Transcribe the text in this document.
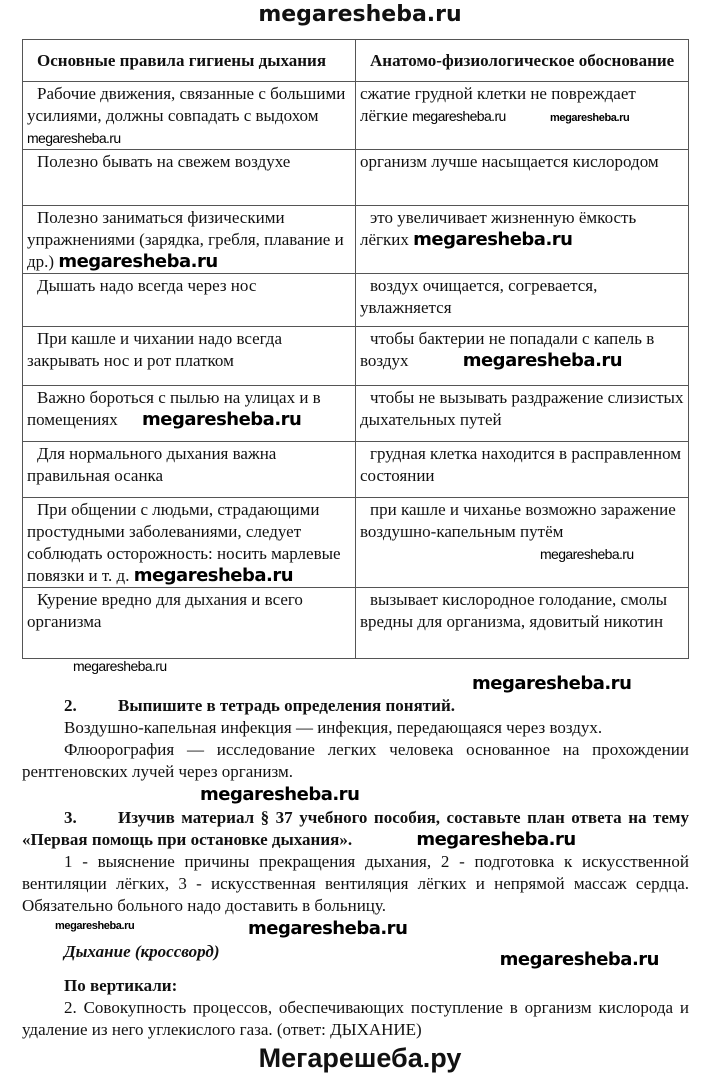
megaresheba.ru
Основные правила гигиены дыхания	Анатомо-физиологическое обоснование
Рабочие движения, связанные с большими усилиями, должны совпадать с выдохом megaresheba.ru	сжатие грудной клетки не повреждает лёгкие megaresheba.ru megaresheba.ru
Полезно бывать на свежем воздухе	организм лучше насыщается кислородом
Полезно заниматься физическими упражнениями (зарядка, гребля, плавание и др.) megaresheba.ru	это увеличивает жизненную ёмкость лёгких megaresheba.ru
Дышать надо всегда через нос	воздух очищается, согревается, увлажняется
При кашле и чихании надо всегда закрывать нос и рот платком	чтобы бактерии не попадали с капель в воздух megaresheba.ru
Важно бороться с пылью на улицах и в помещениях megaresheba.ru	чтобы не вызывать раздражение слизистых дыхательных путей
Для нормального дыхания важна правильная осанка	грудная клетка находится в расправленном состоянии
При общении с людьми, страдающими простудными заболеваниями, следует соблюдать осторожность: носить марлевые повязки и т. д. megaresheba.ru	при кашле и чиханье возможно заражение воздушно-капельным путём megaresheba.ru
Курение вредно для дыхания и всего организма	вызывает кислородное голодание, смолы вредны для организма, ядовитый никотин
megaresheba.ru
megaresheba.ru

2. Выпишите в тетрадь определения понятий.

Воздушно-капельная инфекция — инфекция, передающаяся через воздух.

Флюорография — исследование легких человека основанное на прохождении рентгеновских лучей через организм.

megaresheba.ru

3. Изучив материал § 37 учебного пособия, составьте план ответа на тему «Первая помощь при остановке дыхания».	megaresheba.ru

1 - выяснение причины прекращения дыхания, 2 - подготовка к искусственной вентиляции лёгких, 3 - искусственная вентиляция лёгких и непрямой массаж сердца. Обязательно больного надо доставить в больницу.

megaresheba.ru	megaresheba.ru
megaresheba.ru

Дыхание (кроссворд)

По вертикали:

2. Совокупность процессов, обеспечивающих поступление в организм кислорода и удаление из него углекислого газа. (ответ: ДЫХАНИЕ)

Мегарешеба.ру
